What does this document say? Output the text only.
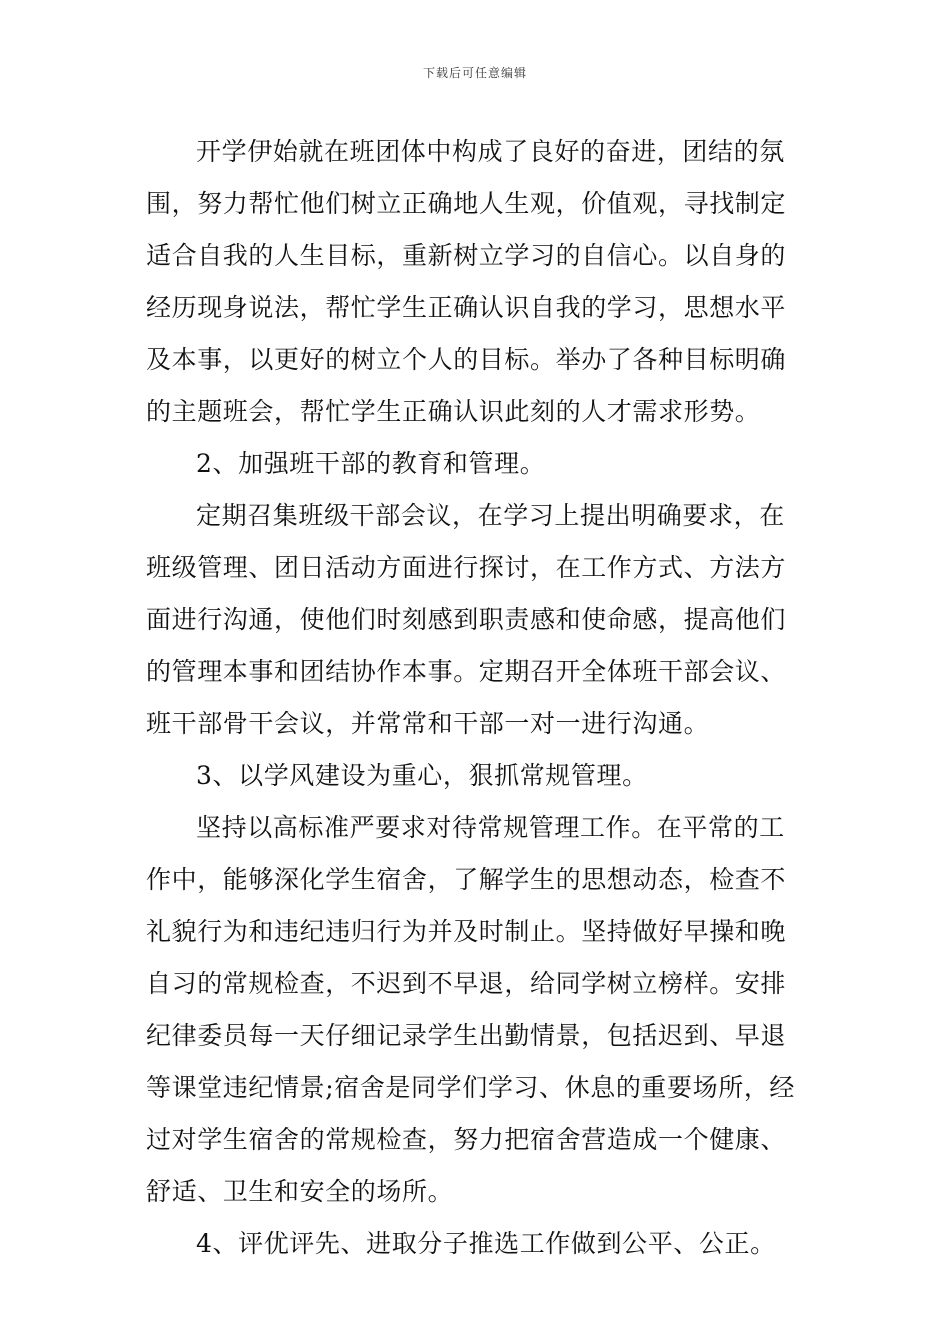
下载后可任意编辑
开学伊始就在班团体中构成了良好的奋进，团结的氛
围，努力帮忙他们树立正确地人生观，价值观，寻找制定
适合自我的人生目标，重新树立学习的自信心。以自身的
经历现身说法，帮忙学生正确认识自我的学习，思想水平
及本事，以更好的树立个人的目标。举办了各种目标明确
的主题班会，帮忙学生正确认识此刻的人才需求形势。
2、加强班干部的教育和管理。
定期召集班级干部会议，在学习上提出明确要求，在
班级管理、团日活动方面进行探讨，在工作方式、方法方
面进行沟通，使他们时刻感到职责感和使命感，提高他们
的管理本事和团结协作本事。定期召开全体班干部会议、
班干部骨干会议，并常常和干部一对一进行沟通。
3、以学风建设为重心，狠抓常规管理。
坚持以高标准严要求对待常规管理工作。在平常的工
作中，能够深化学生宿舍，了解学生的思想动态，检查不
礼貌行为和违纪违归行为并及时制止。坚持做好早操和晚
自习的常规检查，不迟到不早退，给同学树立榜样。安排
纪律委员每一天仔细记录学生出勤情景，包括迟到、早退
等课堂违纪情景;宿舍是同学们学习、休息的重要场所，经
过对学生宿舍的常规检查，努力把宿舍营造成一个健康、
舒适、卫生和安全的场所。
4、评优评先、进取分子推选工作做到公平、公正。
